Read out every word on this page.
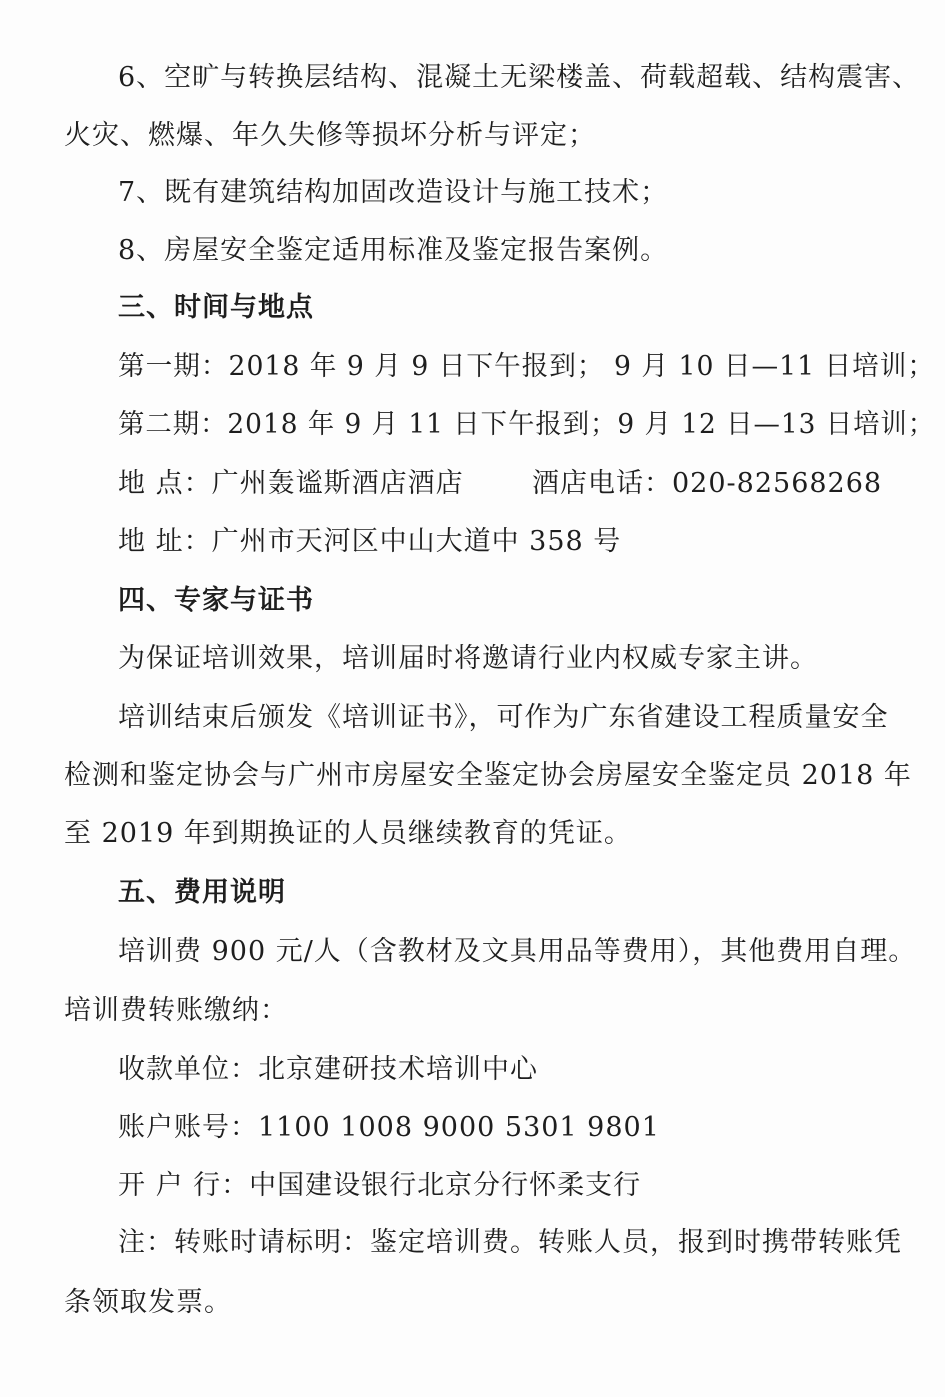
6、空旷与转换层结构、混凝土无梁楼盖、荷载超载、结构震害、
火灾、燃爆、年久失修等损坏分析与评定；
7、既有建筑结构加固改造设计与施工技术；
8、房屋安全鉴定适用标准及鉴定报告案例。
三、时间与地点
第一期：2018 年 9 月 9 日下午报到； 9 月 10 日—11 日培训；
第二期：2018 年 9 月 11 日下午报到；9 月 12 日—13 日培训；
地 点：广州轰谧斯酒店酒店	酒店电话：020-82568268
地 址：广州市天河区中山大道中 358 号
四、专家与证书
为保证培训效果，培训届时将邀请行业内权威专家主讲。
培训结束后颁发《培训证书》，可作为广东省建设工程质量安全
检测和鉴定协会与广州市房屋安全鉴定协会房屋安全鉴定员 2018 年
至 2019 年到期换证的人员继续教育的凭证。
五、费用说明
培训费 900 元/人（含教材及文具用品等费用），其他费用自理。
培训费转账缴纳：
收款单位：北京建研技术培训中心
账户账号：1100 1008 9000 5301 9801
开 户 行：中国建设银行北京分行怀柔支行
注：转账时请标明：鉴定培训费。转账人员，报到时携带转账凭
条领取发票。
